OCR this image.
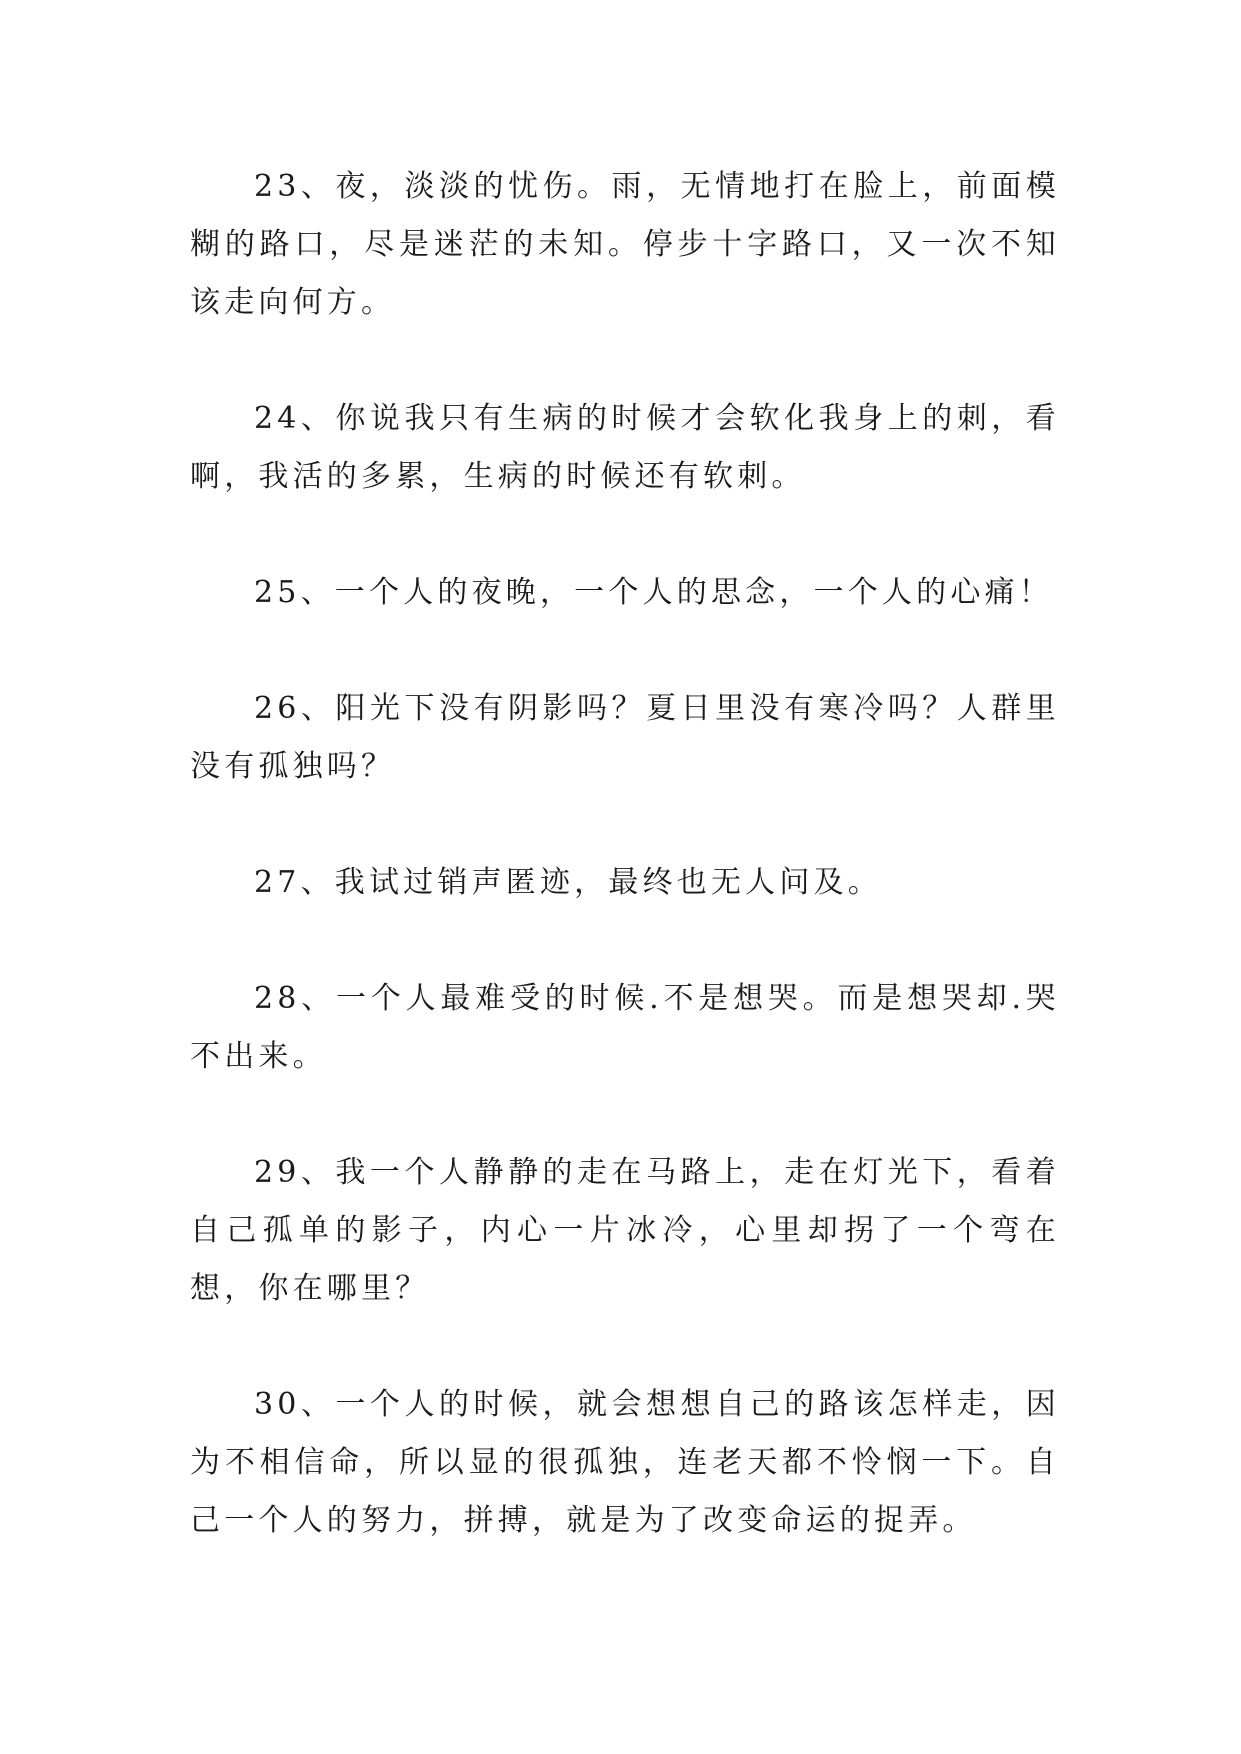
23、夜，淡淡的忧伤。雨，无情地打在脸上，前面模糊的路口，尽是迷茫的未知。停步十字路口，又一次不知该走向何方。

24、你说我只有生病的时候才会软化我身上的刺，看啊，我活的多累，生病的时候还有软刺。

25、一个人的夜晚，一个人的思念，一个人的心痛！

26、阳光下没有阴影吗？夏日里没有寒冷吗？人群里没有孤独吗？

27、我试过销声匿迹，最终也无人问及。

28、一个人最难受的时候.不是想哭。而是想哭却.哭不出来。

29、我一个人静静的走在马路上，走在灯光下，看着自己孤单的影子，内心一片冰冷，心里却拐了一个弯在想，你在哪里？

30、一个人的时候，就会想想自己的路该怎样走，因为不相信命，所以显的很孤独，连老天都不怜悯一下。自己一个人的努力，拼搏，就是为了改变命运的捉弄。
